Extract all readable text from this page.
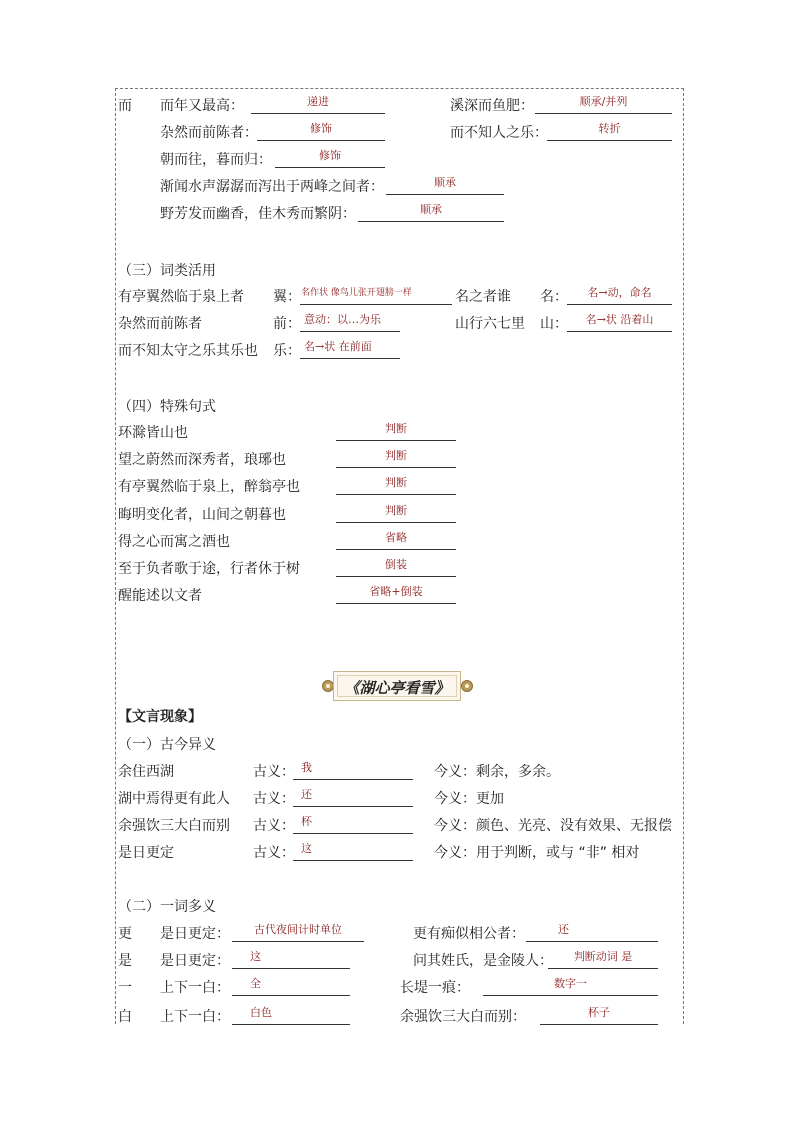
而 而年又最高：	递进	溪深而鱼肥：	顺承/并列
杂然而前陈者：	修饰	而不知人之乐：	转折
朝而往，暮而归：	修饰
渐闻水声潺潺而泻出于两峰之间者：	顺承
野芳发而幽香，佳木秀而繁阴：	顺承
（三）词类活用
有亭翼然临于泉上者 翼： 名作状 像鸟儿张开翅膀一样	名之者谁 名：	名→动，命名
杂然而前陈者	前： 意动：以…为乐	山行六七里 山：	名→状 沿着山
而不知太守之乐其乐也 乐： 名→状 在前面
（四）特殊句式
环滁皆山也	判断
望之蔚然而深秀者，琅琊也	判断
有亭翼然临于泉上，醉翁亭也	判断
晦明变化者，山间之朝暮也	判断
得之心而寓之酒也	省略
至于负者歌于途，行者休于树	倒装
醒能述以文者	省略+倒装
《湖心亭看雪》
【文言现象】
（一）古今异义
余住西湖	古义： 我	今义：剩余，多余。
湖中焉得更有此人 古义： 还	今义：更加
余强饮三大白而别 古义： 杯	今义：颜色、光亮、没有效果、无报偿
是日更定	古义： 这	今义：用于判断，或与 “非” 相对
（二）一词多义
更 是日更定：	古代夜间计时单位	更有痴似相公者：	还
是 是日更定：	这	问其姓氏，是金陵人：	判断动词 是
一 上下一白：	全	长堤一痕：	数字一
白 上下一白：	白色	余强饮三大白而别：	杯子
